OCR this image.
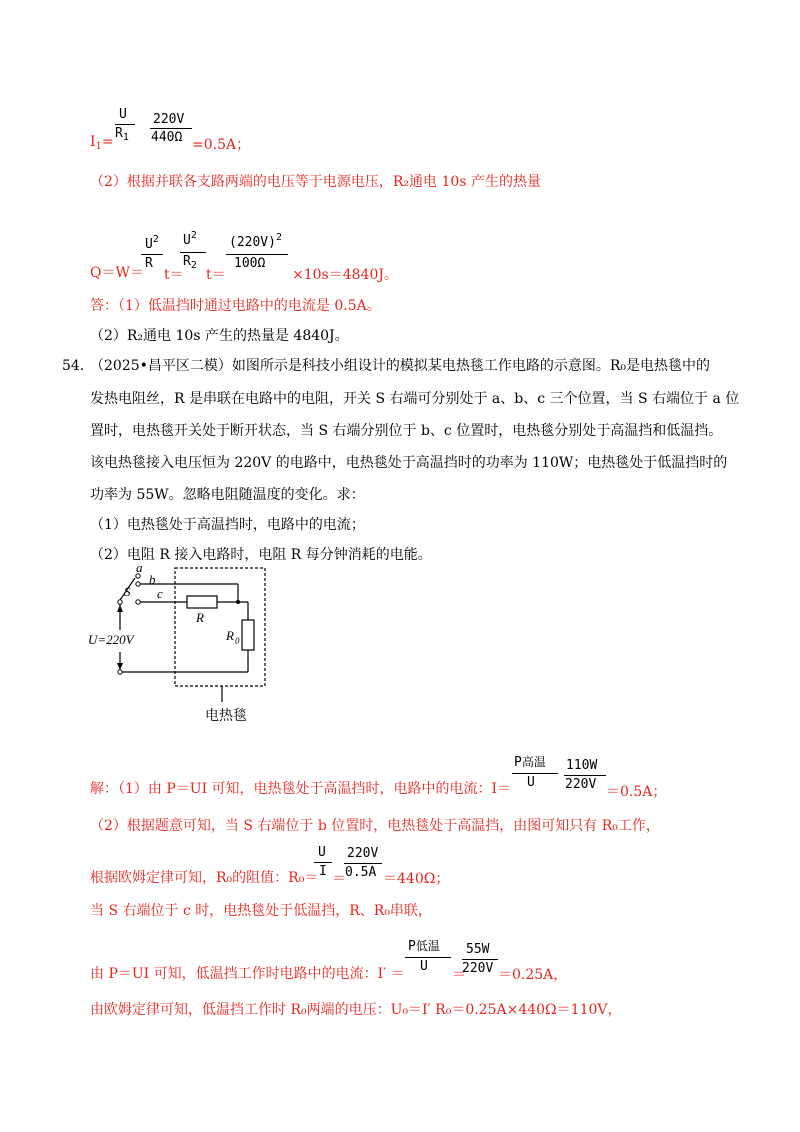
$I_1=$
U
$R_1$
220V
440Ω =0.5A；
（2）根据并联各支路两端的电压等于电源电压，R₂通电 10s 产生的热量
Q＝W＝
$U^2$
R
t＝
$U^2$
$R_2$
t＝
$(220V)^2$
100Ω
×10s＝4840J。
答：（1）低温挡时通过电路中的电流是 0.5A。
（2）R₂通电 10s 产生的热量是 4840J。
54. （2025•昌平区二模）如图所示是科技小组设计的模拟某电热毯工作电路的示意图。R₀是电热毯中的
发热电阻丝，R 是串联在电路中的电阻，开关 S 右端可分别处于 a、b、c 三个位置，当 S 右端位于 a 位
置时，电热毯开关处于断开状态，当 S 右端分别位于 b、c 位置时，电热毯分别处于高温挡和低温挡。
该电热毯接入电压恒为 220V 的电路中，电热毯处于高温挡时的功率为 110W；电热毯处于低温挡时的
功率为 55W。忽略电阻随温度的变化。求：
（1）电热毯处于高温挡时，电路中的电流；
（2）电阻 R 接入电路时，电阻 R 每分钟消耗的电能。
a
b
c
S
R
R 0
U=220V
电热毯
解：（1）由 P＝UI 可知，电热毯处于高温挡时，电路中的电流：I＝
P高温
U
110W
220V ＝0.5A；
（2）根据题意可知，当 S 右端位于 b 位置时，电热毯处于高温挡，由图可知只有 R₀工作，
根据欧姆定律可知，R₀的阻值：R₀＝
U
I ＝
220V
0.5A ＝440Ω；
当 S 右端位于 c 时，电热毯处于低温挡，R、R₀串联，
由 P＝UI 可知，低温挡工作时电路中的电流：I′ ＝
P低温
U
＝
55W
220V ＝0.25A，
由欧姆定律可知，低温挡工作时 R₀两端的电压：U₀＝I′ R₀＝0.25A×440Ω＝110V，
